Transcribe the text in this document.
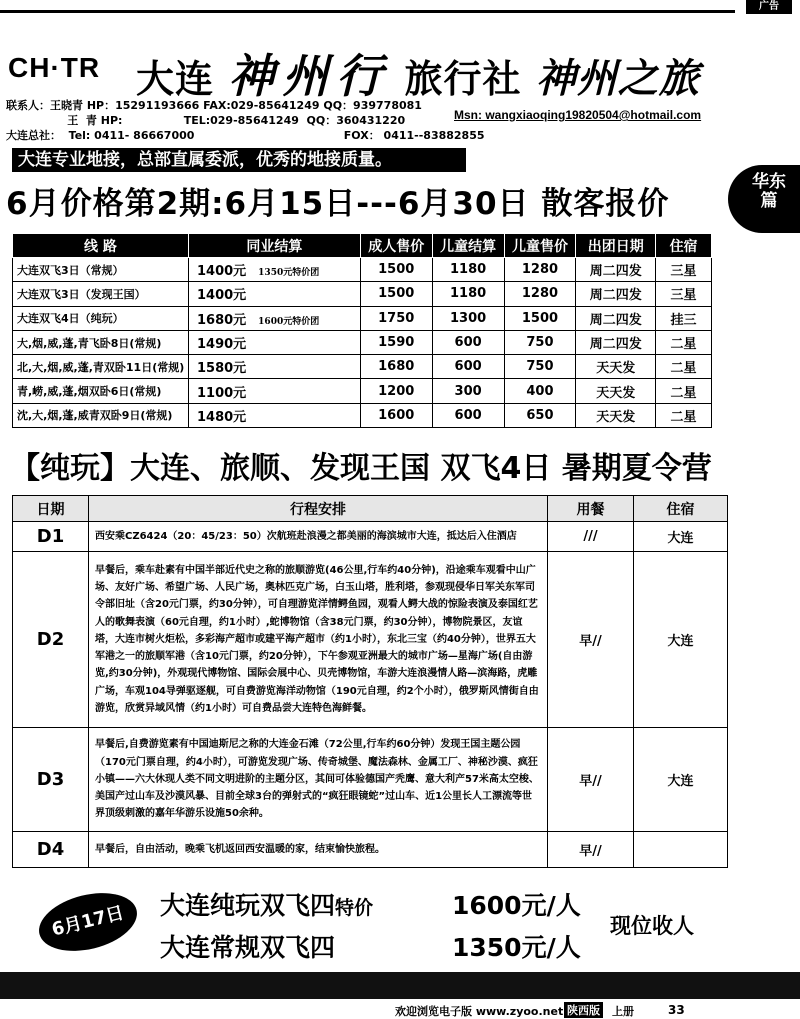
广告
华东篇
CH·TR 大连 神州行 旅行社 神州之旅
联系人：王晓青 HP：15291193666 FAX:029-85641249 QQ：939778081
王  青 HP:                TEL:029-85641249  QQ：360431220
大连总社：  Tel: 0411- 86667000                                       FOX： 0411--83882855
Msn: wangxiaoqing19820504@hotmail.com
大连专业地接，总部直属委派，优秀的地接质量。
6月价格第2期:6月15日---6月30日 散客报价
线 路	同业结算	成人售价	儿童结算	儿童售价	出团日期	住宿
大连双飞3日（常规）	1400元 1350元特价团	1500	1180	1280	周二四发	三星
大连双飞3日（发现王国）	1400元	1500	1180	1280	周二四发	三星
大连双飞4日（纯玩）	1680元 1600元特价团	1750	1300	1500	周二四发	挂三
大,烟,威,蓬,青飞卧8日(常规)	1490元	1590	600	750	周二四发	二星
北,大,烟,威,蓬,青双卧11日(常规)	1580元	1680	600	750	天天发	二星
青,崂,威,蓬,烟双卧6日(常规)	1100元	1200	300	400	天天发	二星
沈,大,烟,蓬,威青双卧9日(常规)	1480元	1600	600	650	天天发	二星
【纯玩】大连、旅顺、发现王国 双飞4日 暑期夏令营
日期	行程安排	用餐	住宿
D1	西安乘CZ6424（20：45/23：50）次航班赴浪漫之都美丽的海滨城市大连，抵达后入住酒店	///	大连
D2	早餐后，乘车赴素有中国半部近代史之称的旅顺游览(46公里,行车约40分钟)，沿途乘车观看中山广场、友好广场、希望广场、人民广场，奥林匹克广场，白玉山塔，胜利塔，参观现侵华日军关东军司令部旧址（含20元门票，约30分钟），可自理游览洋情鳄鱼园，观看人鳄大战的惊险表演及泰国红艺人的歌舞表演（60元自理，约1小时）,蛇博物馆（含38元门票，约30分钟），博物院景区，友谊塔，大连市树火炬松，多彩海产超市或建平海产超市（约1小时），东北三宝（约40分钟），世界五大军港之一的旅顺军港（含10元门票，约20分钟），下午参观亚洲最大的城市广场—星海广场(自由游览,约30分钟)，外观现代博物馆、国际会展中心、贝壳博物馆，车游大连浪漫情人路—滨海路，虎雕广场，车观104导弹驱逐舰，可自费游览海洋动物馆（190元自理，约2个小时），俄罗斯风情街自由游览，欣赏异域风情（约1小时）可自费品尝大连特色海鲜餐。	早//	大连
D3	早餐后,自费游览素有中国迪斯尼之称的大连金石滩（72公里,行车约60分钟）发现王国主题公园（170元门票自理，约4小时），可游览发现广场、传奇城堡、魔法森林、金属工厂、神秘沙漠、疯狂小镇——六大休现人类不同文明进阶的主题分区，其间可体验德国产秃鹰、意大利产57米高太空梭、美国产过山车及沙漠风暴、目前全球3台的弹射式的“疯狂眼镜蛇”过山车、近1公里长人工漂流等世界顶级刺激的嘉年华游乐设施50余种。	早//	大连
D4	早餐后，自由活动，晚乘飞机返回西安温暖的家，结束愉快旅程。	早//	
6月17日	大连纯玩双飞四特价	1600元/人
大连常规双飞四	1350元/人
现位收人
欢迎浏览电子版 www.zyoo.net 陕西版 上册	33
